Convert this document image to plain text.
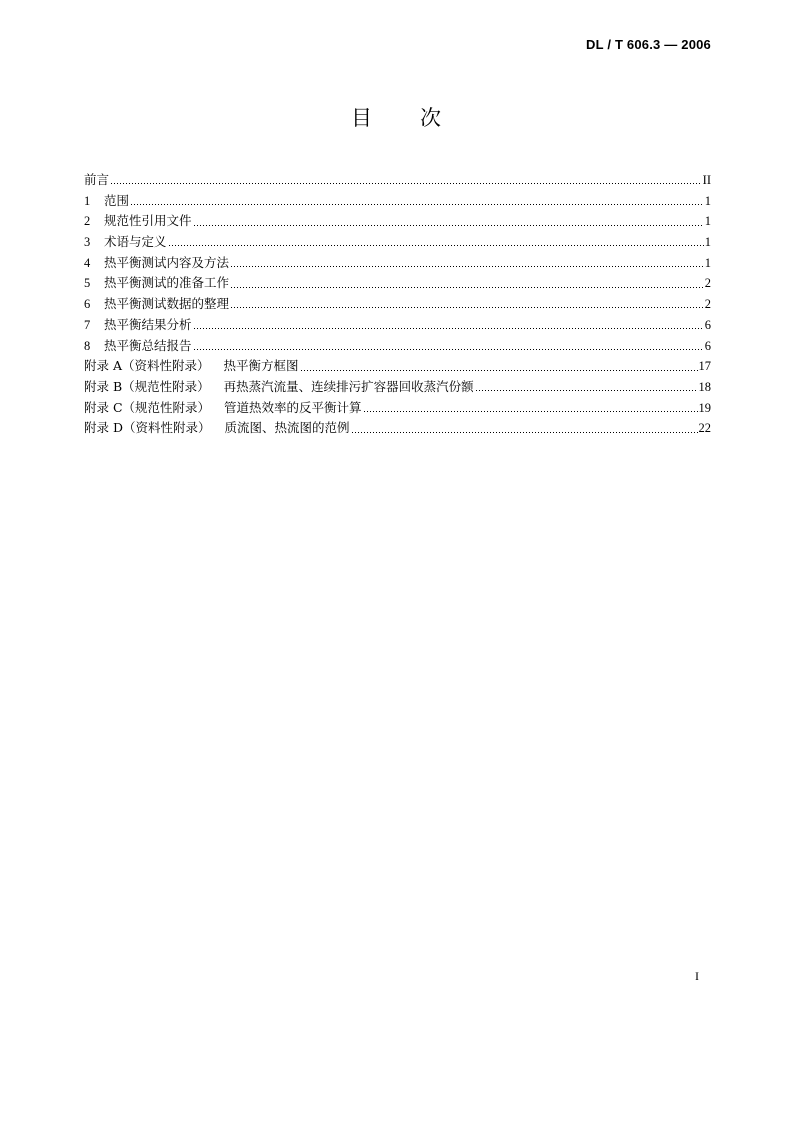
DL / T 606.3 — 2006
目　　次
前言	II
1	范围	1
2	规范性引用文件	1
3	术语与定义	1
4	热平衡测试内容及方法	1
5	热平衡测试的准备工作	2
6	热平衡测试数据的整理	2
7	热平衡结果分析	6
8	热平衡总结报告	6
附录 A（资料性附录） 热平衡方框图	17
附录 B（规范性附录） 再热蒸汽流量、连续排污扩容器回收蒸汽份额	18
附录 C（规范性附录） 管道热效率的反平衡计算	19
附录 D（资料性附录） 质流图、热流图的范例	22
I
